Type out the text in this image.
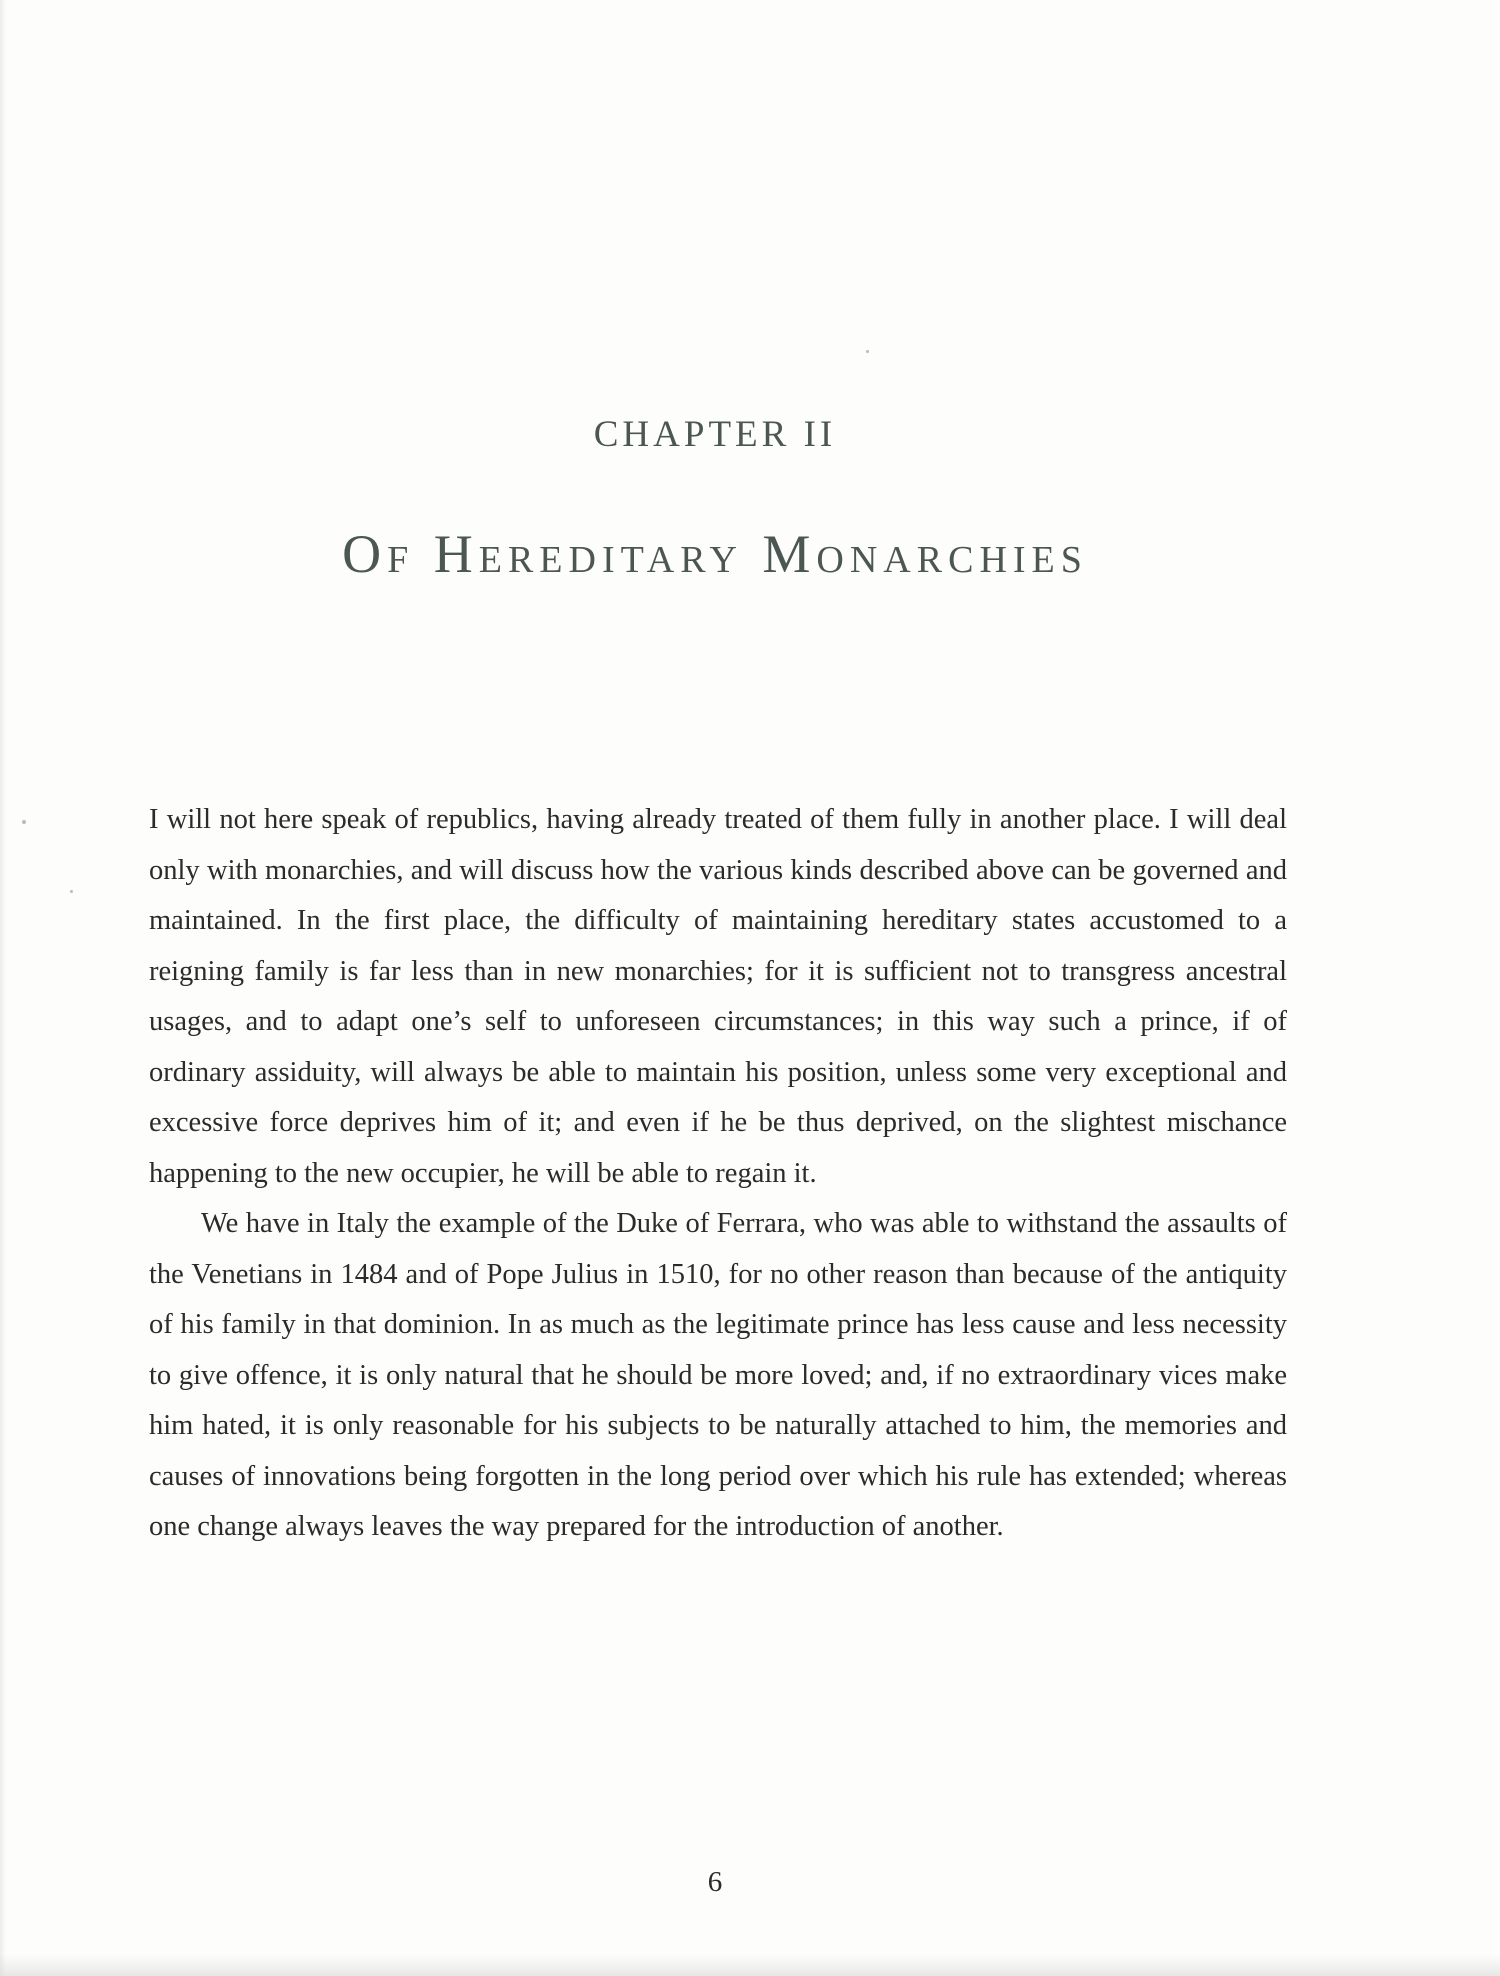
CHAPTER II
Of Hereditary Monarchies

I will not here speak of republics, having already treated of them fully in another place. I will deal only with monarchies, and will discuss how the various kinds described above can be governed and maintained. In the first place, the difficulty of maintaining hereditary states accustomed to a reigning family is far less than in new monarchies; for it is sufficient not to transgress ancestral usages, and to adapt one’s self to unforeseen circumstances; in this way such a prince, if of ordinary assiduity, will always be able to maintain his position, unless some very exceptional and excessive force deprives him of it; and even if he be thus deprived, on the slightest mischance happening to the new occupier, he will be able to regain it.

We have in Italy the example of the Duke of Ferrara, who was able to withstand the assaults of the Venetians in 1484 and of Pope Julius in 1510, for no other reason than because of the antiquity of his family in that dominion. In as much as the legitimate prince has less cause and less necessity to give offence, it is only natural that he should be more loved; and, if no extraordinary vices make him hated, it is only reasonable for his subjects to be naturally attached to him, the memories and causes of innovations being forgotten in the long period over which his rule has extended; whereas one change always leaves the way prepared for the introduction of another.

6
